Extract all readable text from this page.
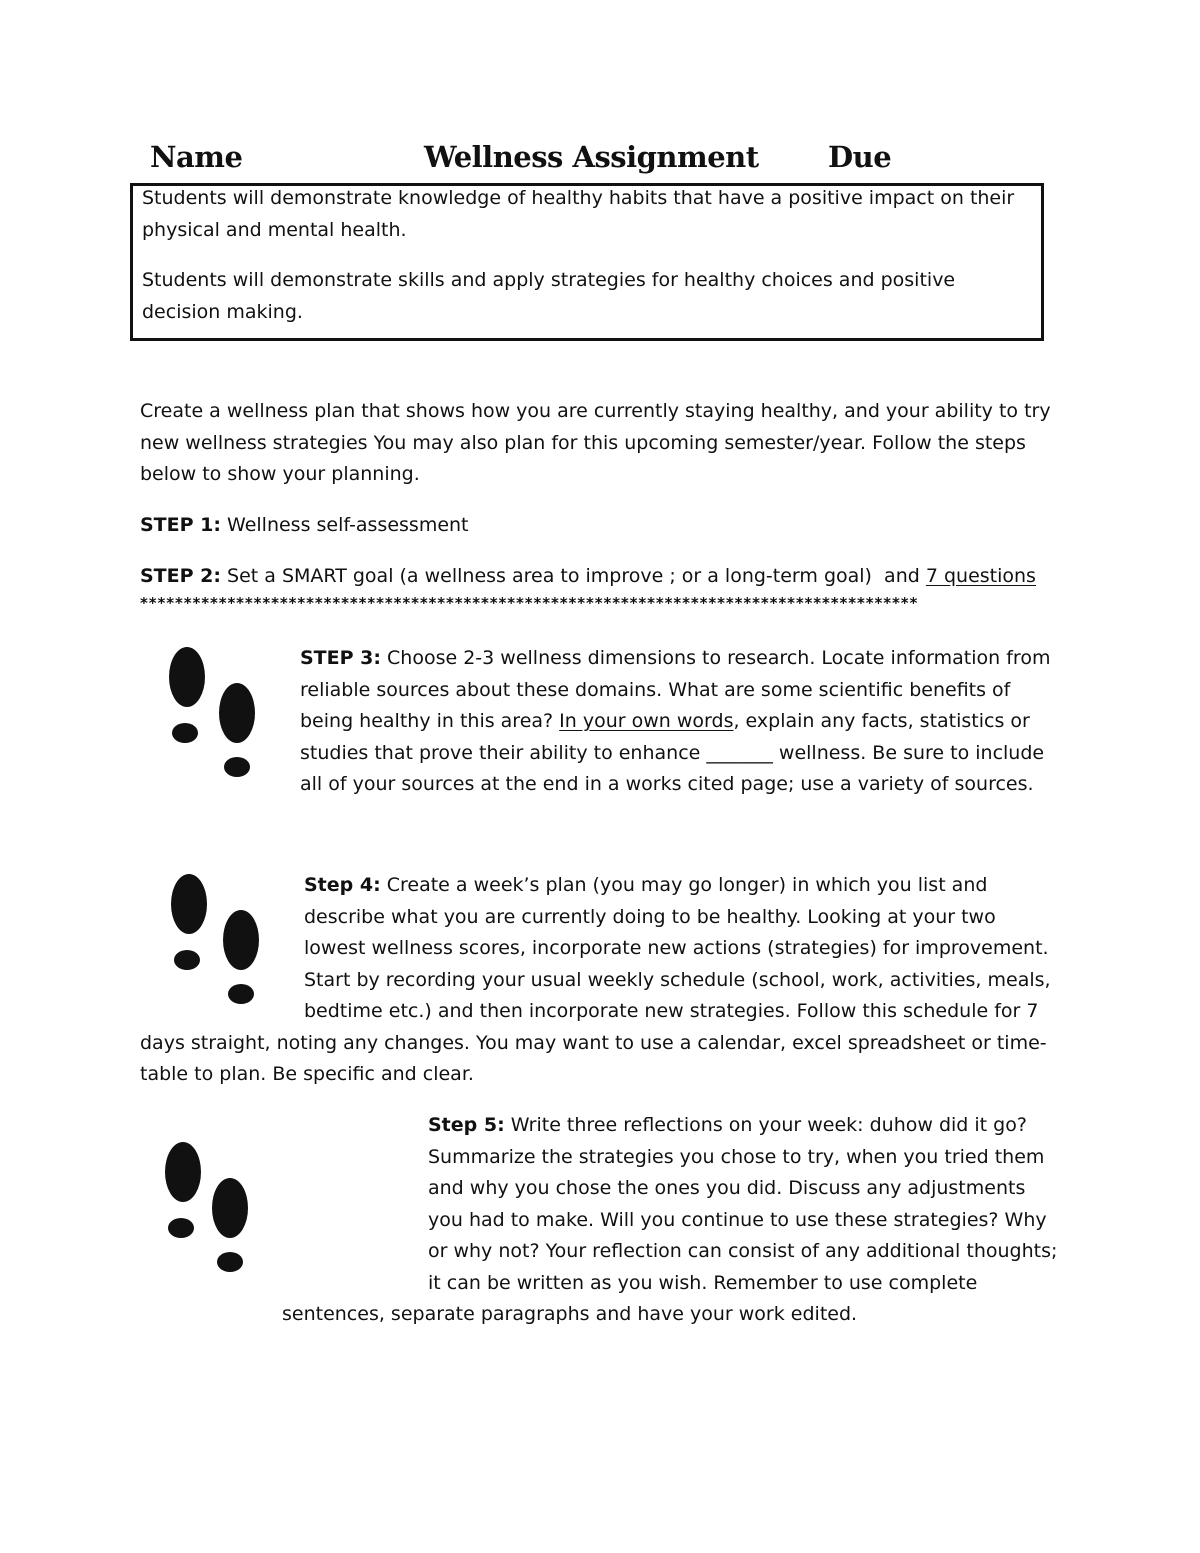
Name	Wellness Assignment Due

Students will demonstrate knowledge of healthy habits that have a positive impact on their physical and mental health.

Students will demonstrate skills and apply strategies for healthy choices and positive decision making.

Create a wellness plan that shows how you are currently staying healthy, and your ability to try new wellness strategies You may also plan for this upcoming semester/year. Follow the steps below to show your planning.
STEP 1: Wellness self-assessment
STEP 2: Set a SMART goal (a wellness area to improve ; or a long-term goal)  and 7 questions
*****************************************************************************************
STEP 3: Choose 2-3 wellness dimensions to research. Locate information from reliable sources about these domains. What are some scientific benefits of being healthy in this area? In your own words, explain any facts, statistics or studies that prove their ability to enhance _______ wellness. Be sure to include all of your sources at the end in a works cited page; use a variety of sources.
Step 4: Create a week’s plan (you may go longer) in which you list and describe what you are currently doing to be healthy. Looking at your two lowest wellness scores, incorporate new actions (strategies) for improvement. Start by recording your usual weekly schedule (school, work, activities, meals, bedtime etc.) and then incorporate new strategies. Follow this schedule for 7 days straight, noting any changes. You may want to use a calendar, excel spreadsheet or time-table to plan. Be specific and clear.
Step 5: Write three reflections on your week: duhow did it go? Summarize the strategies you chose to try, when you tried them and why you chose the ones you did. Discuss any adjustments you had to make. Will you continue to use these strategies? Why or why not? Your reflection can consist of any additional thoughts; it can be written as you wish. Remember to use complete sentences, separate paragraphs and have your work edited.
